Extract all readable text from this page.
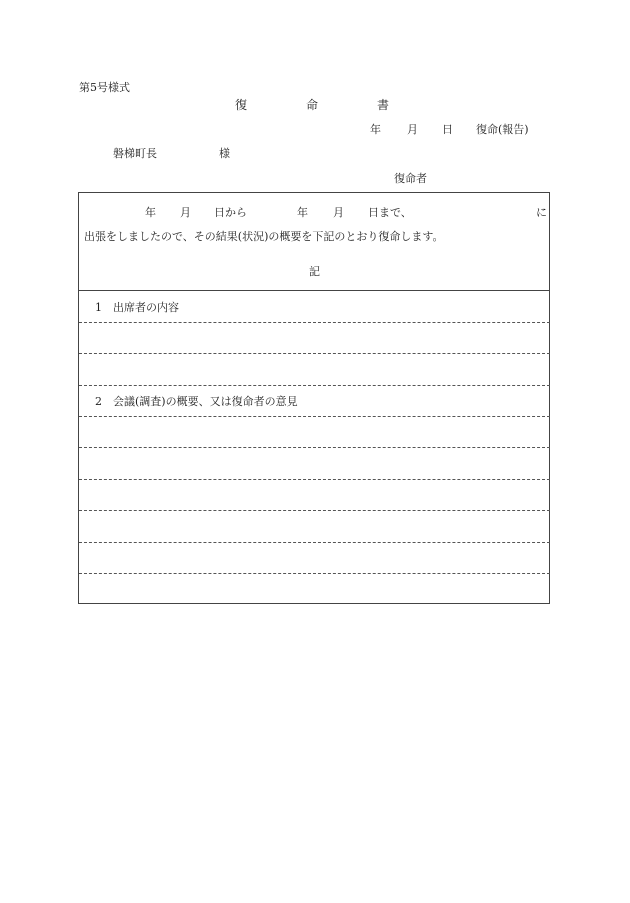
第5号様式
復	命	書
年 月 日 復命(報告)
磐梯町長	様
復命者
年 月 日から	年 月 日まで、	に
出張をしましたので、その結果(状況)の概要を下記のとおり復命します。
記
1 出席者の内容
2 会議(調査)の概要、又は復命者の意見
